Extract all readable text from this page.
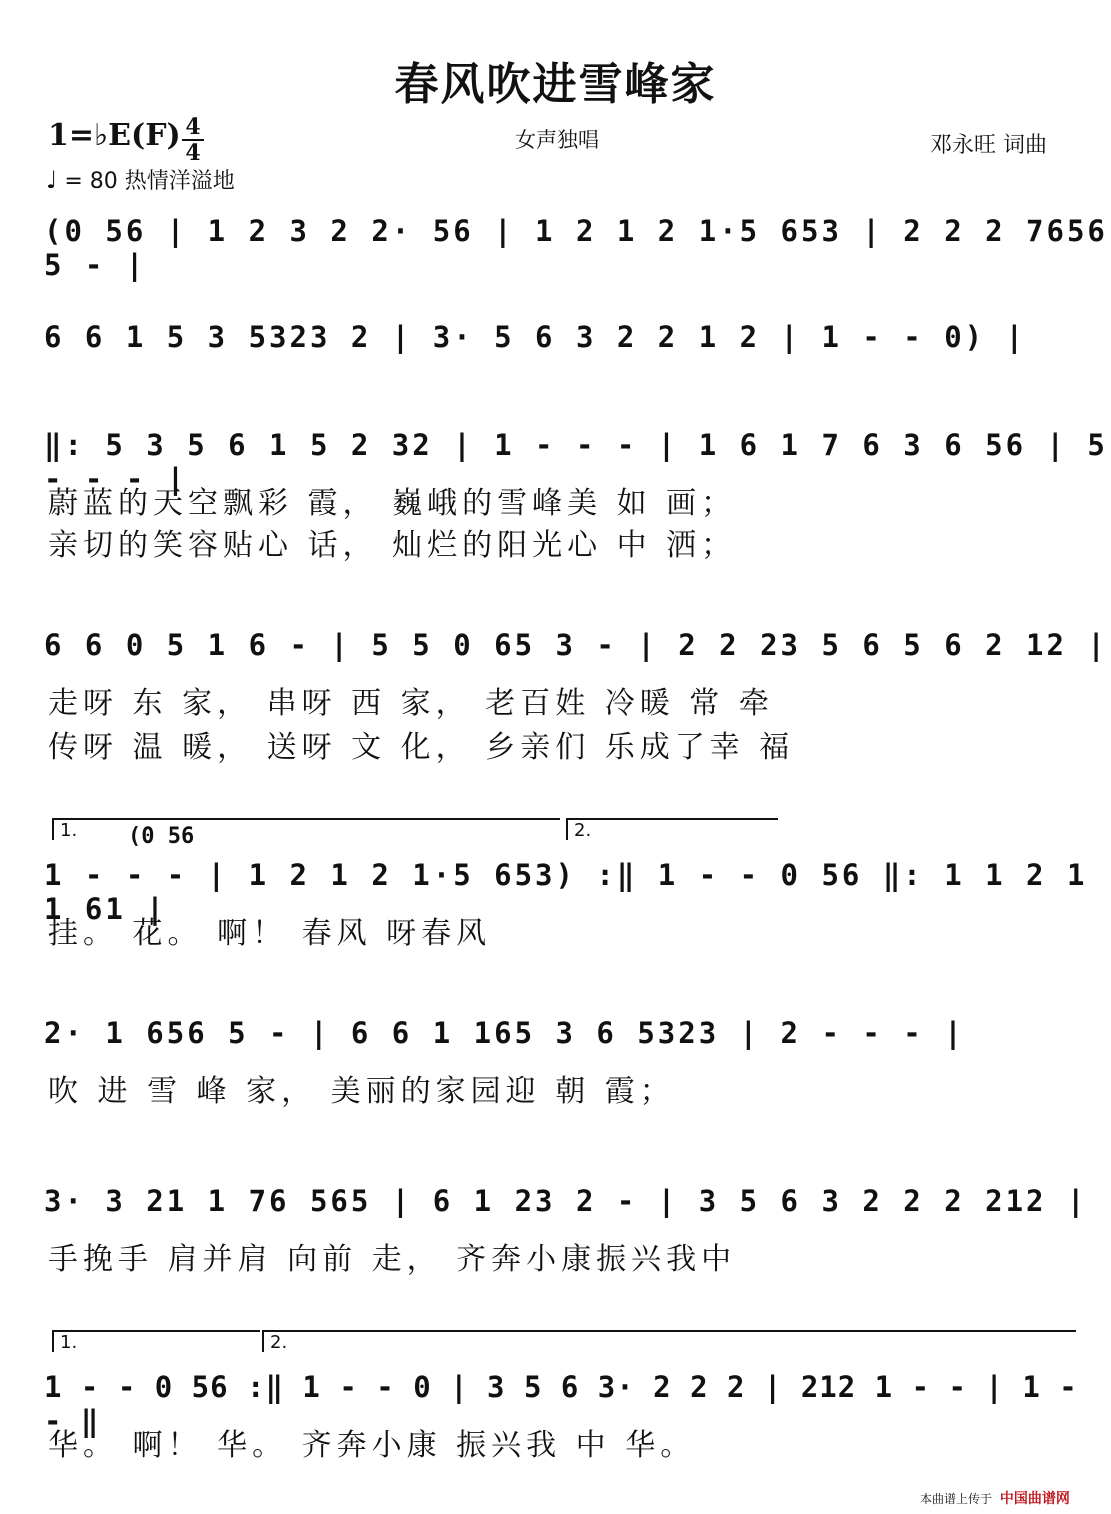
春风吹进雪峰家
1=♭E(F) 4
4	女声独唱	邓永旺 词曲
♩ = 80 热情洋溢地
(0 56 | 1 2 3 2 2· 56 | 1 2 1 2 1·5 653 | 2 2 2 7656 5 - |
6 6 1 5 3 5323 2 | 3· 5 6 3 2 2 1 2 | 1 - - 0) |
‖: 5 3 5 6 1 5 2 32 | 1 - - - | 1 6 1 7 6 3 6 56 | 5 - - - |
蔚蓝的天空飘彩 霞， 巍峨的雪峰美 如 画；
亲切的笑容贴心 话， 灿烂的阳光心 中 洒；
6 6 0 5 1 6 - | 5 5 0 65 3 - | 2 2 23 5 6 5 6 2 12 |
走呀 东 家， 串呀 西 家， 老百姓 冷暖 常 牵
传呀 温 暖， 送呀 文 化， 乡亲们 乐成了幸 福
1.	2.
(0 56
1 - - - | 1 2 1 2 1·5 653) :‖ 1 - - 0 56 ‖: 1 1 2 1 1 61 |
挂。 花。 啊！ 春风 呀春风
2· 1 656 5 - | 6 6 1 165 3 6 5323 | 2 - - - |
吹 进 雪 峰 家， 美丽的家园迎 朝 霞；
3· 3 21 1 76 565 | 6 1 23 2 - | 3 5 6 3 2 2 2 212 |
手挽手 肩并肩 向前 走， 齐奔小康振兴我中
1.	2.
1 - - 0 56 :‖ 1 - - 0 | 3 5 6 3· 2 2 2 | 212 1 - - | 1 - - ‖
华。 啊！ 华。 齐奔小康 振兴我 中 华。
本曲谱上传于 中国曲谱网
